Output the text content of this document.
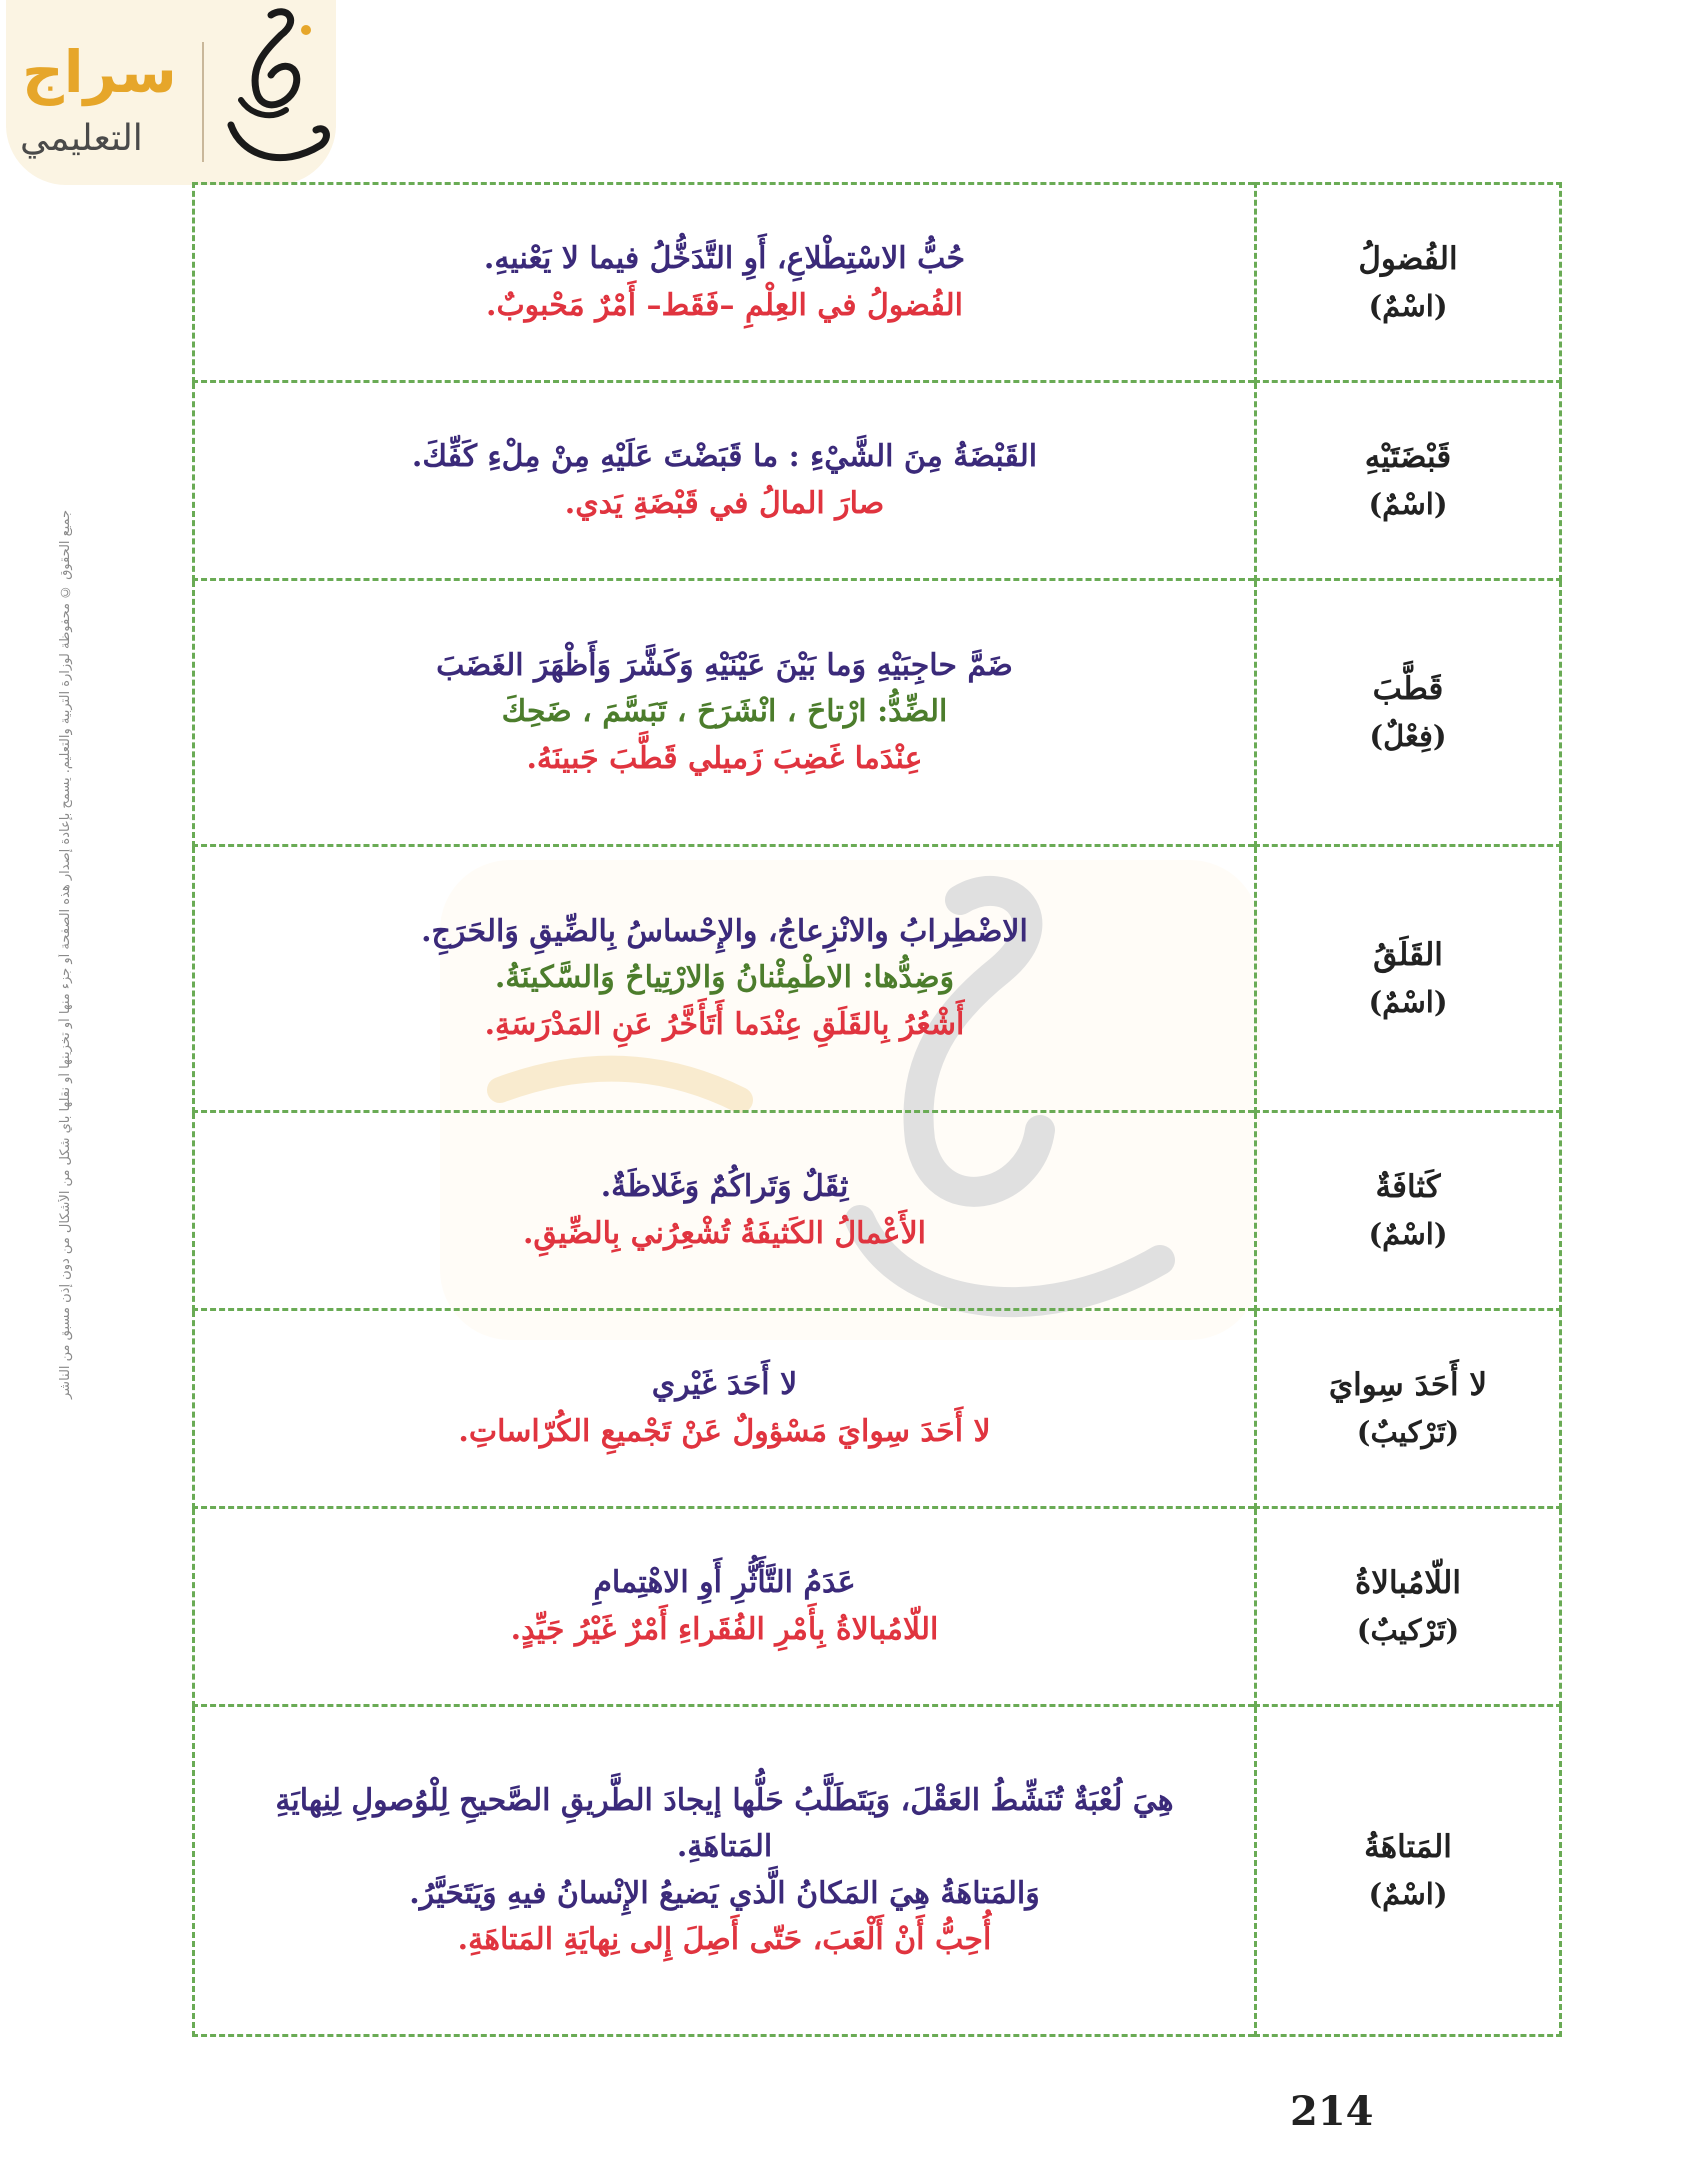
سراج
التعليمي
جميع الحقوق © محفوظة لوزارة التربية والتعليم. يسمح بإعادة إصدار هذه الصفحة أو جزء منها أو تخزينها أو نقلها بأي شكل من الأشكال من دون إذن مسبق من الناشر
الفُضولُ
(اسْمٌ)	حُبُّ الاسْتِطْلاعِ، أَوِ التَّدَخُّلُ فيما لا يَعْنيهِ.
الفُضولُ في العِلْمِ –فَقَط– أَمْرٌ مَحْبوبٌ.

قَبْضَتَيْهِ
(اسْمٌ)	القَبْضَةُ مِنَ الشَّيْءِ : ما قَبَضْتَ عَلَيْهِ مِنْ مِلْءِ كَفِّكَ.
صارَ المالُ في قَبْضَةِ يَدي.

قَطَّبَ
(فِعْلٌ)	ضَمَّ حاجِبَيْهِ وَما بَيْنَ عَيْنَيْهِ وَكَشَّرَ وَأَظْهَرَ الغَضَبَ
الضِّدُّ: ارْتاحَ ، انْشَرَحَ ، تَبَسَّمَ ، ضَحِكَ
عِنْدَما غَضِبَ زَميلي قَطَّبَ جَبينَهُ.

القَلَقُ
(اسْمٌ)	الاضْطِرابُ والانْزِعاجُ، والإِحْساسُ بِالضِّيقِ وَالحَرَجِ.
وَضِدُّها: الاطْمِئْنانُ وَالارْتِياحُ وَالسَّكينَةُ.
أَشْعُرُ بِالقَلَقِ عِنْدَما أَتَأَخَّرُ عَنِ المَدْرَسَةِ.

كَثافَةٌ
(اسْمٌ)	ثِقَلٌ وَتَراكُمٌ وَغَلاظَةٌ.
الأَعْمالُ الكَثيفَةُ تُشْعِرُني بِالضِّيقِ.

لا أَحَدَ سِوايَ
(تَرْكيبٌ)	لا أَحَدَ غَيْري
لا أَحَدَ سِوايَ مَسْؤولٌ عَنْ تَجْميعِ الكُرّاساتِ.

اللّامُبالاةُ
(تَرْكيبٌ)	عَدَمُ التَّأَثُّرِ أَوِ الاهْتِمامِ
اللّامُبالاةُ بِأَمْرِ الفُقَراءِ أَمْرٌ غَيْرُ جَيِّدٍ.

المَتاهَةُ
(اسْمٌ)	هِيَ لُعْبَةٌ تُنَشِّطُ العَقْلَ، وَيَتَطَلَّبُ حَلُّها إيجادَ الطَّريقِ الصَّحيحِ لِلْوُصولِ لِنِهايَةِ المَتاهَةِ.
وَالمَتاهَةُ هِيَ المَكانُ الَّذي يَضيعُ الإِنْسانُ فيهِ وَيَتَحَيَّرُ.
أُحِبُّ أَنْ أَلْعَبَ، حَتّى أَصِلَ إِلى نِهايَةِ المَتاهَةِ.
214
